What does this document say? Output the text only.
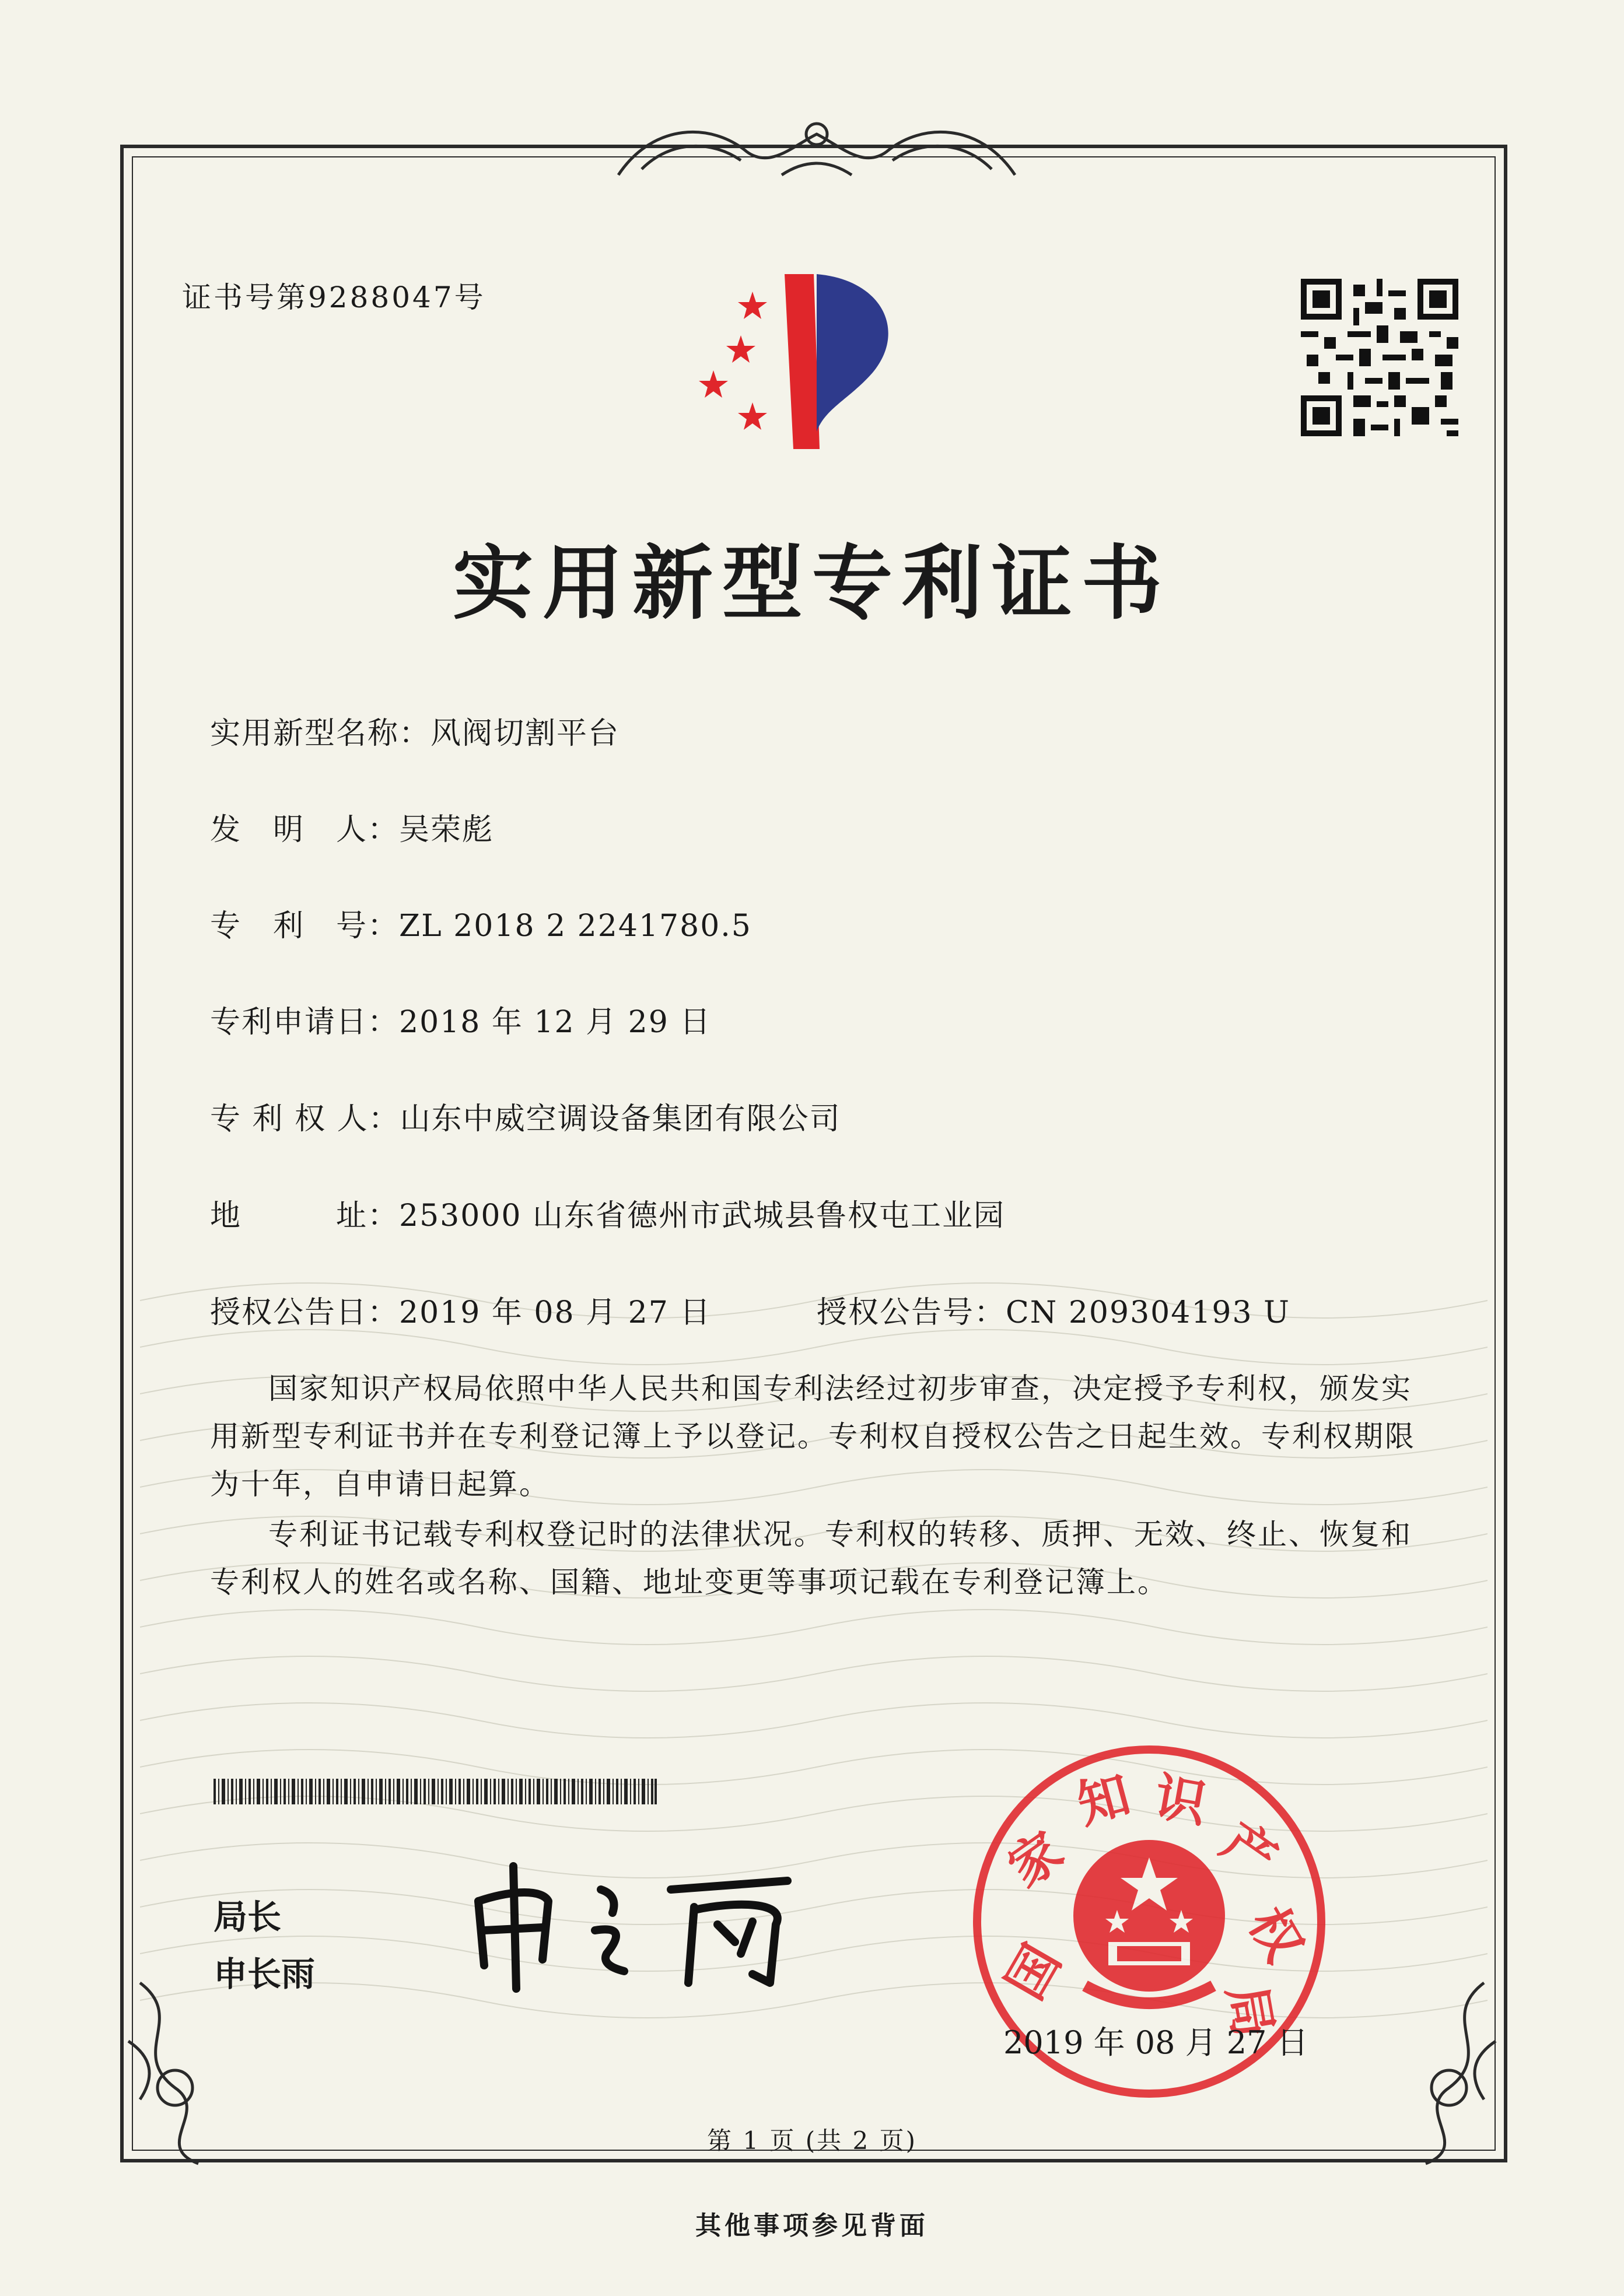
证书号第9288047号
实用新型专利证书
实用新型名称：风阀切割平台
发　明　人：吴荣彪
专　利　号：ZL 2018 2 2241780.5
专利申请日：2018 年 12 月 29 日
专 利 权 人：山东中威空调设备集团有限公司
地　　　址：253000 山东省德州市武城县鲁权屯工业园
授权公告日：2019 年 08 月 27 日	授权公告号：CN 209304193 U
国家知识产权局依照中华人民共和国专利法经过初步审查，决定授予专利权，颁发实用新型专利证书并在专利登记簿上予以登记。专利权自授权公告之日起生效。专利权期限为十年，自申请日起算。
专利证书记载专利权登记时的法律状况。专利权的转移、质押、无效、终止、恢复和专利权人的姓名或名称、国籍、地址变更等事项记载在专利登记簿上。
局长
申长雨	国
家
知 识
产
权
局
2019 年 08 月 27 日
第 1 页 (共 2 页)
其他事项参见背面
